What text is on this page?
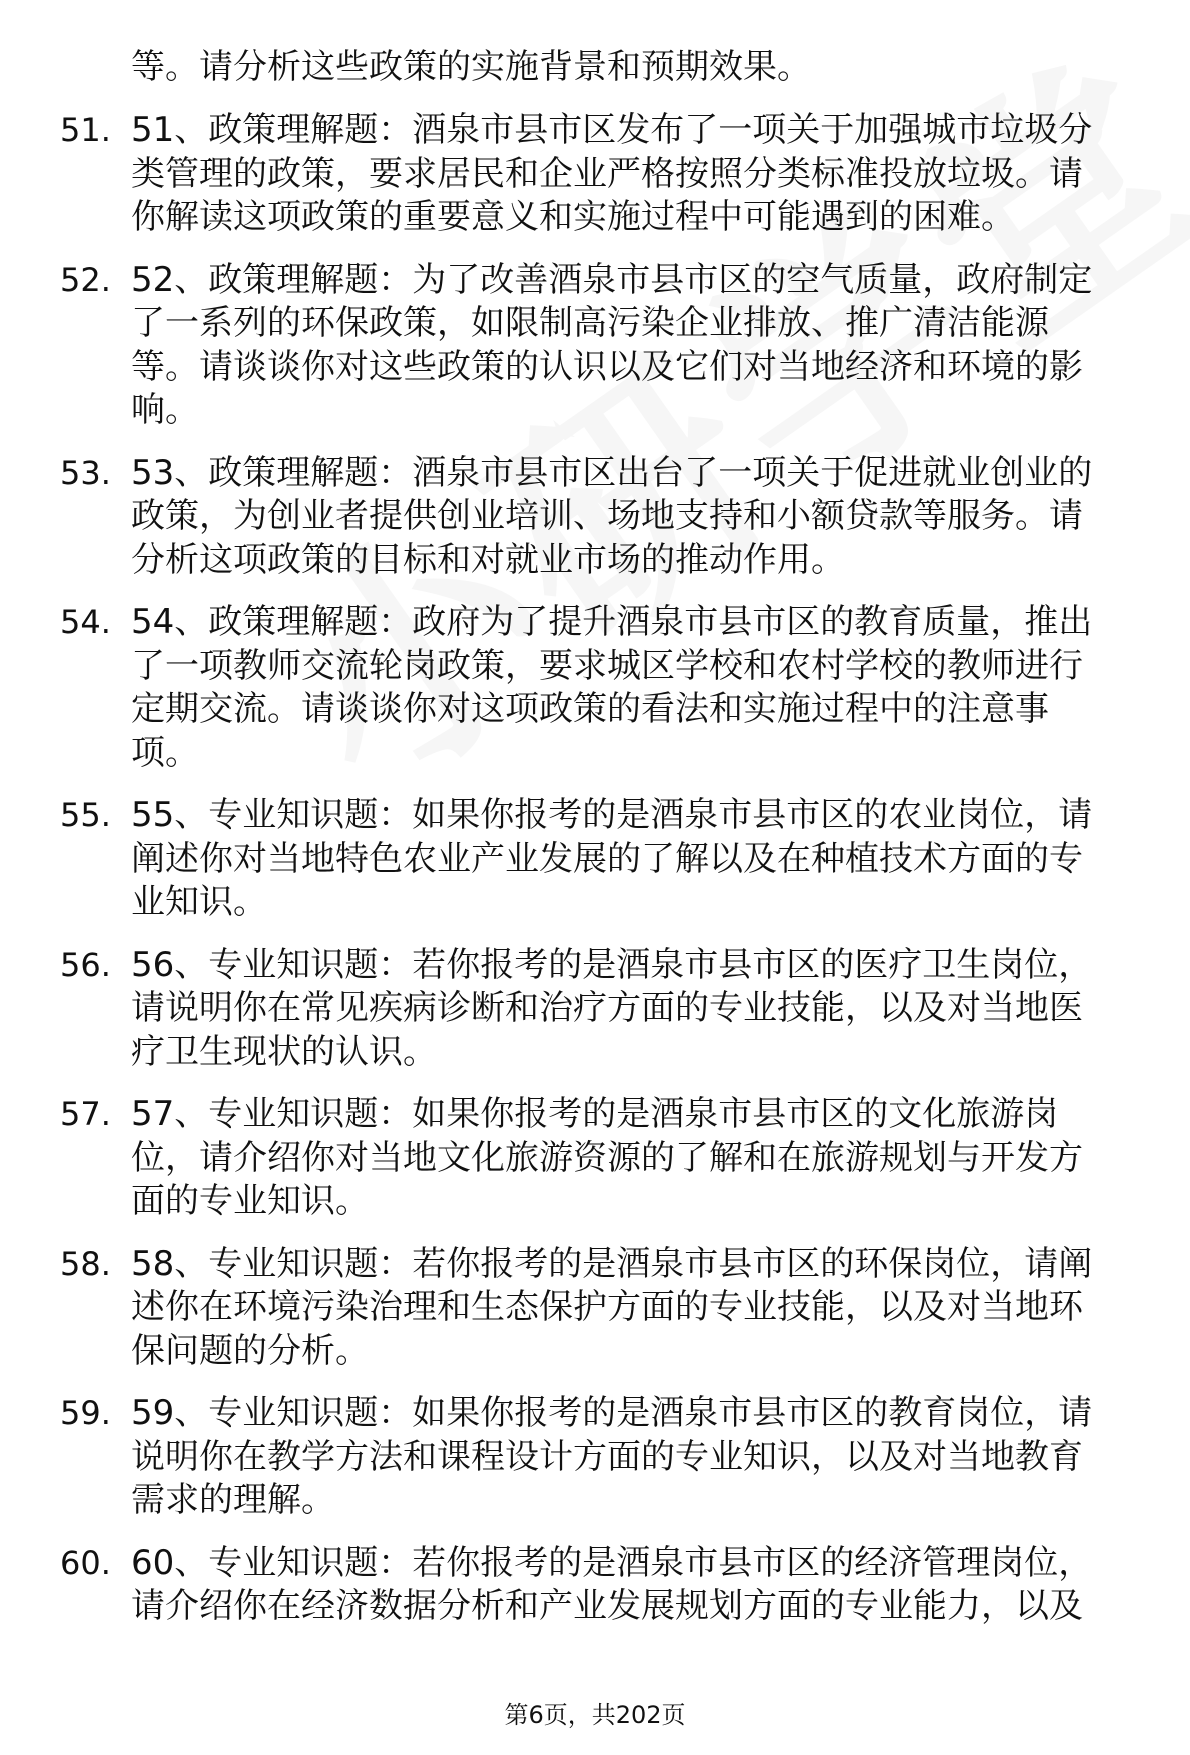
等。请分析这些政策的实施背景和预期效果。
51. 51、政策理解题：酒泉市县市区发布了一项关于加强城市垃圾分
类管理的政策，要求居民和企业严格按照分类标准投放垃圾。请
你解读这项政策的重要意义和实施过程中可能遇到的困难。
52. 52、政策理解题：为了改善酒泉市县市区的空气质量，政府制定
了一系列的环保政策，如限制高污染企业排放、推广清洁能源
等。请谈谈你对这些政策的认识以及它们对当地经济和环境的影
响。
53. 53、政策理解题：酒泉市县市区出台了一项关于促进就业创业的
政策，为创业者提供创业培训、场地支持和小额贷款等服务。请
分析这项政策的目标和对就业市场的推动作用。
54. 54、政策理解题：政府为了提升酒泉市县市区的教育质量，推出
了一项教师交流轮岗政策，要求城区学校和农村学校的教师进行
定期交流。请谈谈你对这项政策的看法和实施过程中的注意事
项。
55. 55、专业知识题：如果你报考的是酒泉市县市区的农业岗位，请
阐述你对当地特色农业产业发展的了解以及在种植技术方面的专
业知识。
56. 56、专业知识题：若你报考的是酒泉市县市区的医疗卫生岗位，
请说明你在常见疾病诊断和治疗方面的专业技能，以及对当地医
疗卫生现状的认识。
57. 57、专业知识题：如果你报考的是酒泉市县市区的文化旅游岗
位，请介绍你对当地文化旅游资源的了解和在旅游规划与开发方
面的专业知识。
58. 58、专业知识题：若你报考的是酒泉市县市区的环保岗位，请阐
述你在环境污染治理和生态保护方面的专业技能，以及对当地环
保问题的分析。
59. 59、专业知识题：如果你报考的是酒泉市县市区的教育岗位，请
说明你在教学方法和课程设计方面的专业知识，以及对当地教育
需求的理解。
60. 60、专业知识题：若你报考的是酒泉市县市区的经济管理岗位，
请介绍你在经济数据分析和产业发展规划方面的专业能力，以及
第6页，共202页
